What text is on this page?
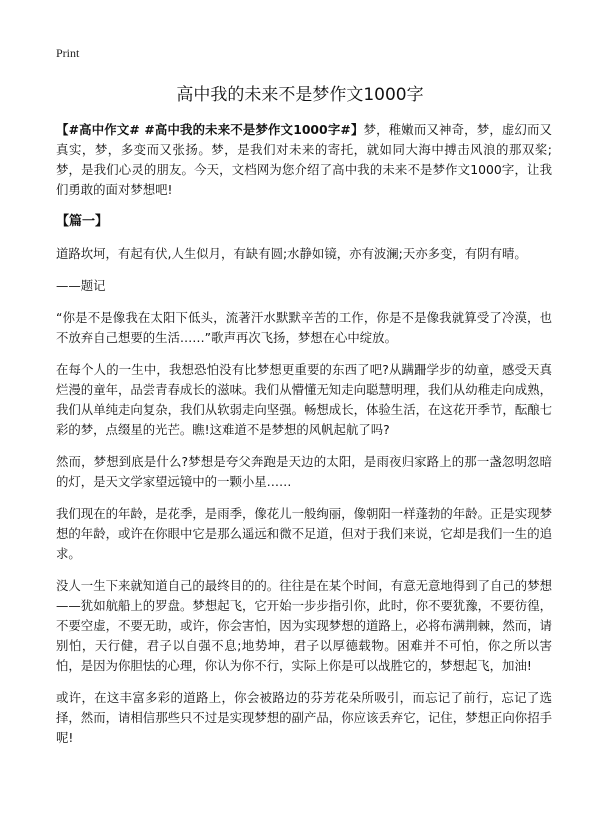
Print
高中我的未来不是梦作文1000字

【#高中作文# #高中我的未来不是梦作文1000字#】梦，稚嫩而又神奇，梦，虚幻而又真实，梦，多变而又张扬。梦，是我们对未来的寄托，就如同大海中搏击风浪的那双桨;梦，是我们心灵的朋友。今天，文档网为您介绍了高中我的未来不是梦作文1000字，让我们勇敢的面对梦想吧!

【篇一】

道路坎坷，有起有伏,人生似月，有缺有圆;水静如镜，亦有波澜;天亦多变，有阴有晴。

——题记

“你是不是像我在太阳下低头，流著汗水默默辛苦的工作，你是不是像我就算受了冷漠，也不放弃自己想要的生活……”歌声再次飞扬，梦想在心中绽放。

在每个人的一生中，我想恐怕没有比梦想更重要的东西了吧?从蹒跚学步的幼童，感受天真烂漫的童年，品尝青春成长的滋味。我们从懵懂无知走向聪慧明理，我们从幼稚走向成熟，我们从单纯走向复杂，我们从软弱走向坚强。畅想成长，体验生活，在这花开季节，酝酿七彩的梦，点缀星的光芒。瞧!这难道不是梦想的风帆起航了吗?

然而，梦想到底是什么?梦想是夸父奔跑是天边的太阳，是雨夜归家路上的那一盏忽明忽暗的灯，是天文学家望远镜中的一颗小星……

我们现在的年龄，是花季，是雨季，像花儿一般绚丽，像朝阳一样蓬勃的年龄。正是实现梦想的年龄，或许在你眼中它是那么遥远和微不足道，但对于我们来说，它却是我们一生的追求。

没人一生下来就知道自己的最终目的的。往往是在某个时间，有意无意地得到了自己的梦想——犹如航船上的罗盘。梦想起飞，它开始一步步指引你，此时，你不要犹豫，不要彷徨，不要空虚，不要无助，或许，你会害怕，因为实现梦想的道路上，必将布满荆棘，然而，请别怕，天行健，君子以自强不息;地势坤，君子以厚德载物。困难并不可怕，你之所以害怕，是因为你胆怯的心理，你认为你不行，实际上你是可以战胜它的，梦想起飞，加油!

或许，在这丰富多彩的道路上，你会被路边的芬芳花朵所吸引，而忘记了前行，忘记了选择，然而，请相信那些只不过是实现梦想的副产品，你应该丢弃它，记住，梦想正向你招手呢!
